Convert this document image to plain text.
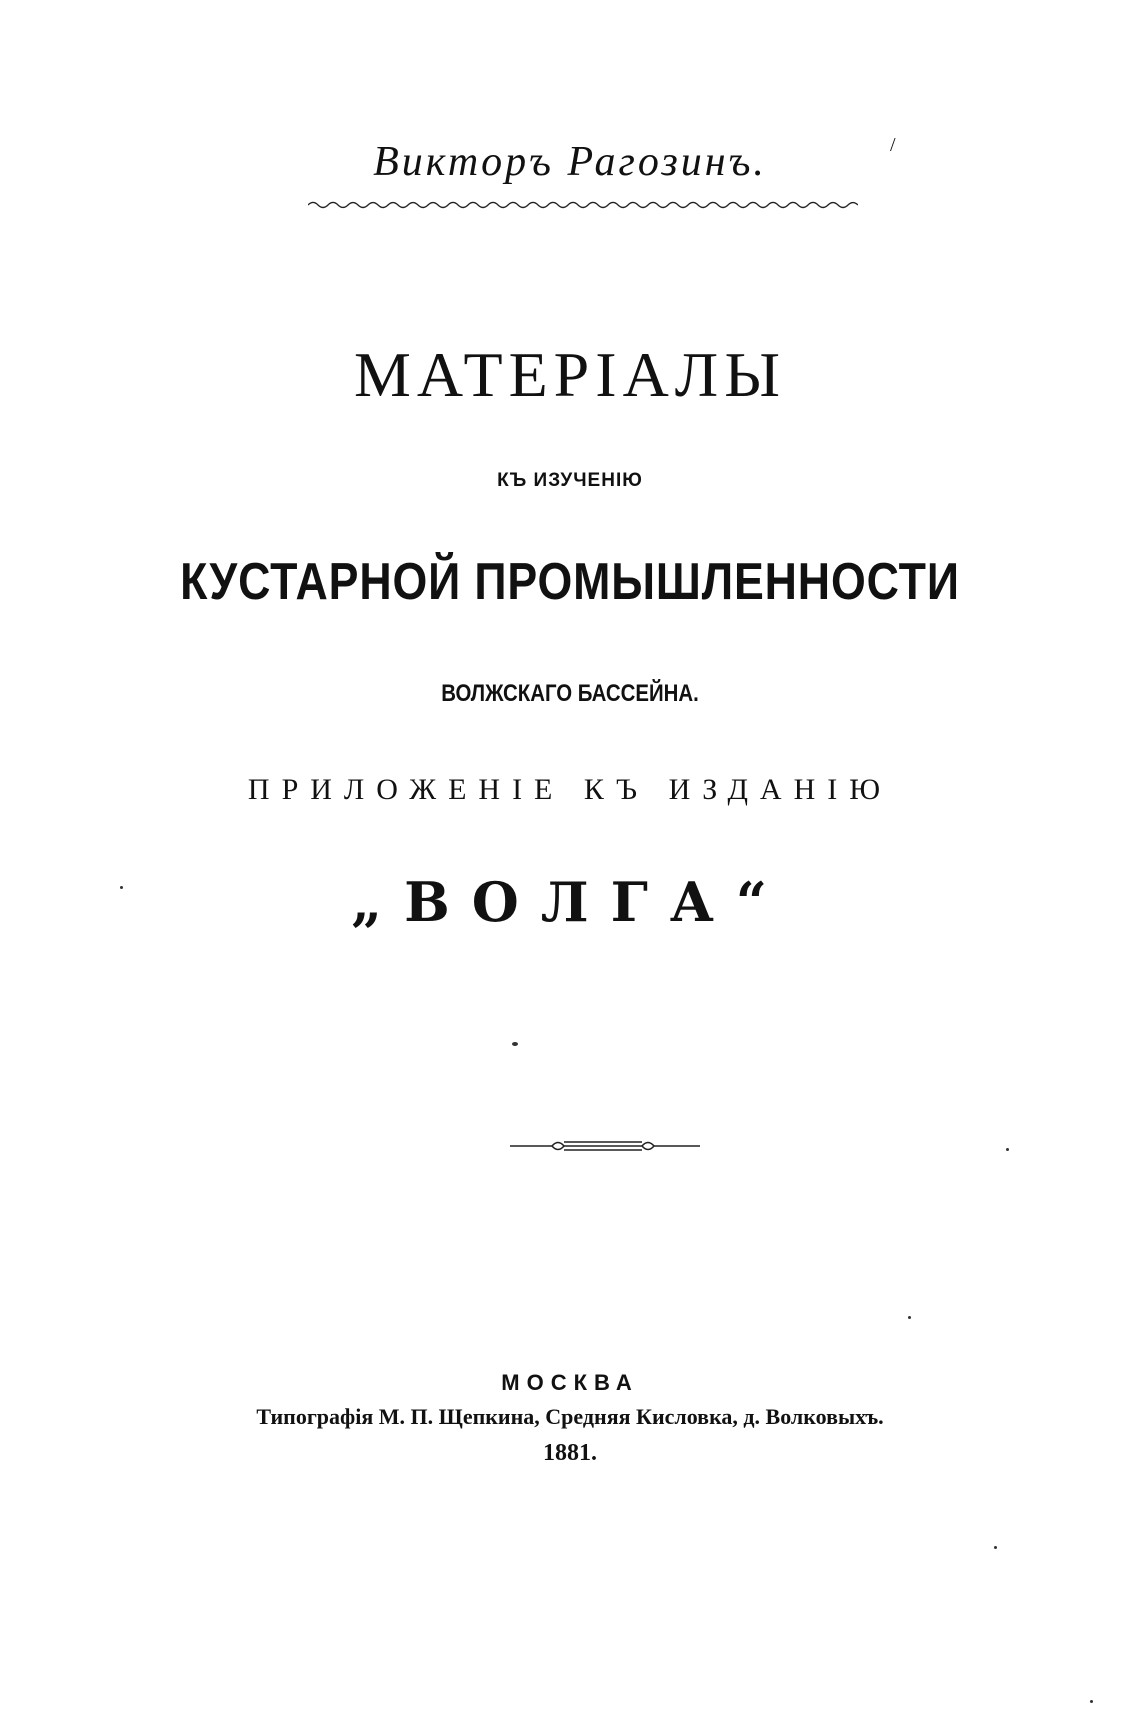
Викторъ Рагозинъ.	/
МАТЕРІАЛЫ
КЪ ИЗУЧЕНІЮ
КУСТАРНОЙ ПРОМЫШЛЕННОСТИ
ВОЛЖСКАГО БАССЕЙНА.
ПРИЛОЖЕНІЕ КЪ ИЗДАНІЮ
„ВОЛГА“
МОСКВА
Типографія М. П. Щепкина, Средняя Кисловка, д. Волковыхъ.
1881.
